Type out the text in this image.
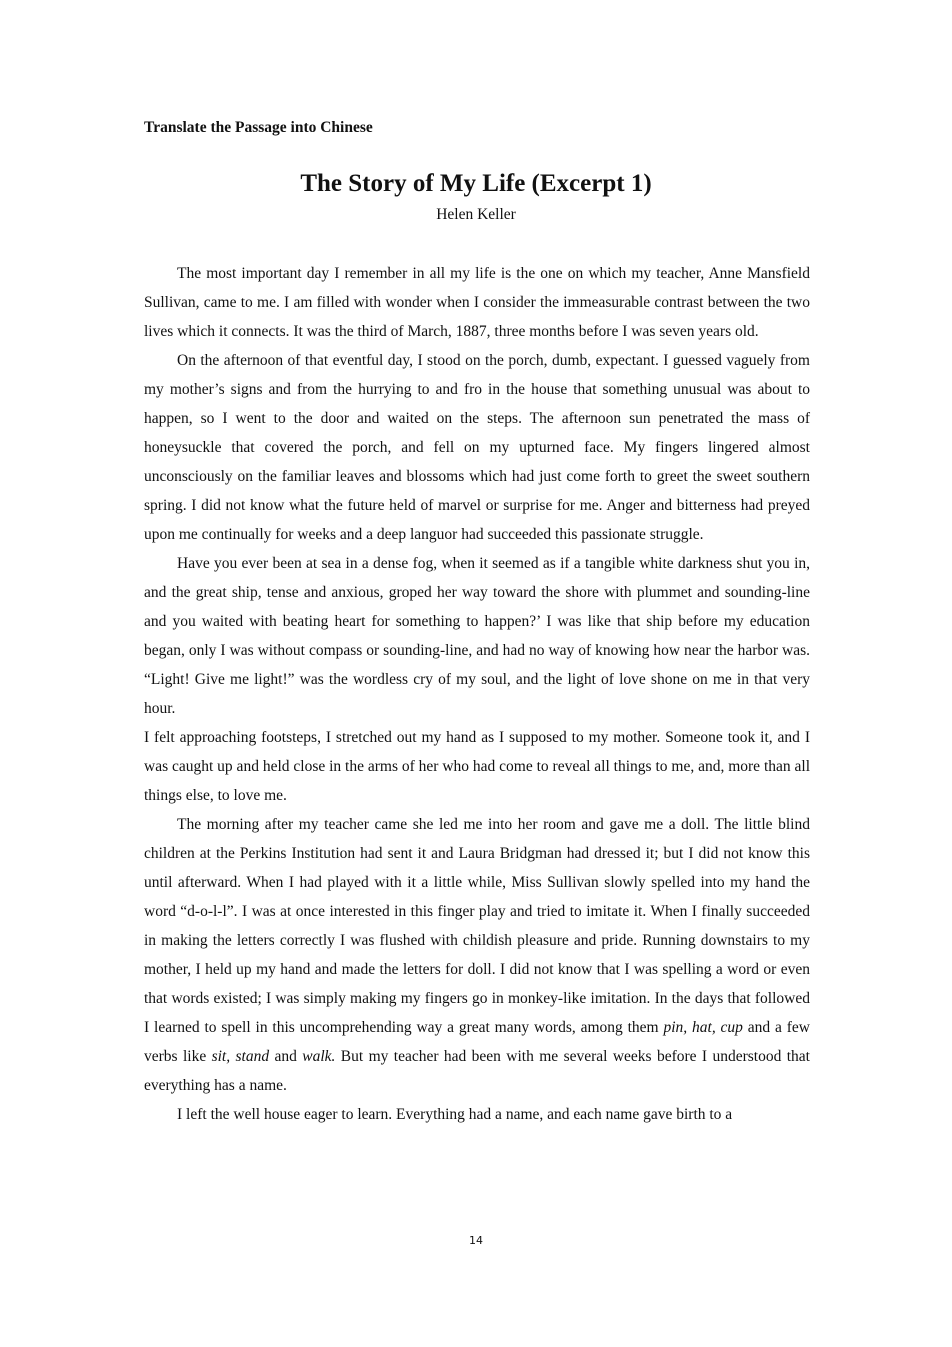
Translate the Passage into Chinese

The Story of My Life (Excerpt 1)

Helen Keller

The most important day I remember in all my life is the one on which my teacher, Anne Mansfield Sullivan, came to me. I am filled with wonder when I consider the immeasurable contrast between the two lives which it connects. It was the third of March, 1887, three months before I was seven years old.

On the afternoon of that eventful day, I stood on the porch, dumb, expectant. I guessed vaguely from my mother’s signs and from the hurrying to and fro in the house that something unusual was about to happen, so I went to the door and waited on the steps. The afternoon sun penetrated the mass of honeysuckle that covered the porch, and fell on my upturned face. My fingers lingered almost unconsciously on the familiar leaves and blossoms which had just come forth to greet the sweet southern spring. I did not know what the future held of marvel or surprise for me. Anger and bitterness had preyed upon me continually for weeks and a deep languor had succeeded this passionate struggle.

Have you ever been at sea in a dense fog, when it seemed as if a tangible white darkness shut you in, and the great ship, tense and anxious, groped her way toward the shore with plummet and sounding-line and you waited with beating heart for something to happen?’ I was like that ship before my education began, only I was without compass or sounding-line, and had no way of knowing how near the harbor was. “Light! Give me light!” was the wordless cry of my soul, and the light of love shone on me in that very hour.

I felt approaching footsteps, I stretched out my hand as I supposed to my mother. Someone took it, and I was caught up and held close in the arms of her who had come to reveal all things to me, and, more than all things else, to love me.

The morning after my teacher came she led me into her room and gave me a doll. The little blind children at the Perkins Institution had sent it and Laura Bridgman had dressed it; but I did not know this until afterward. When I had played with it a little while, Miss Sullivan slowly spelled into my hand the word “d-o-l-l”. I was at once interested in this finger play and tried to imitate it. When I finally succeeded in making the letters correctly I was flushed with childish pleasure and pride. Running downstairs to my mother, I held up my hand and made the letters for doll. I did not know that I was spelling a word or even that words existed; I was simply making my fingers go in monkey-like imitation. In the days that followed I learned to spell in this uncomprehending way a great many words, among them pin, hat, cup and a few verbs like sit, stand and walk. But my teacher had been with me several weeks before I understood that everything has a name.

I left the well house eager to learn. Everything had a name, and each name gave birth to a

14
